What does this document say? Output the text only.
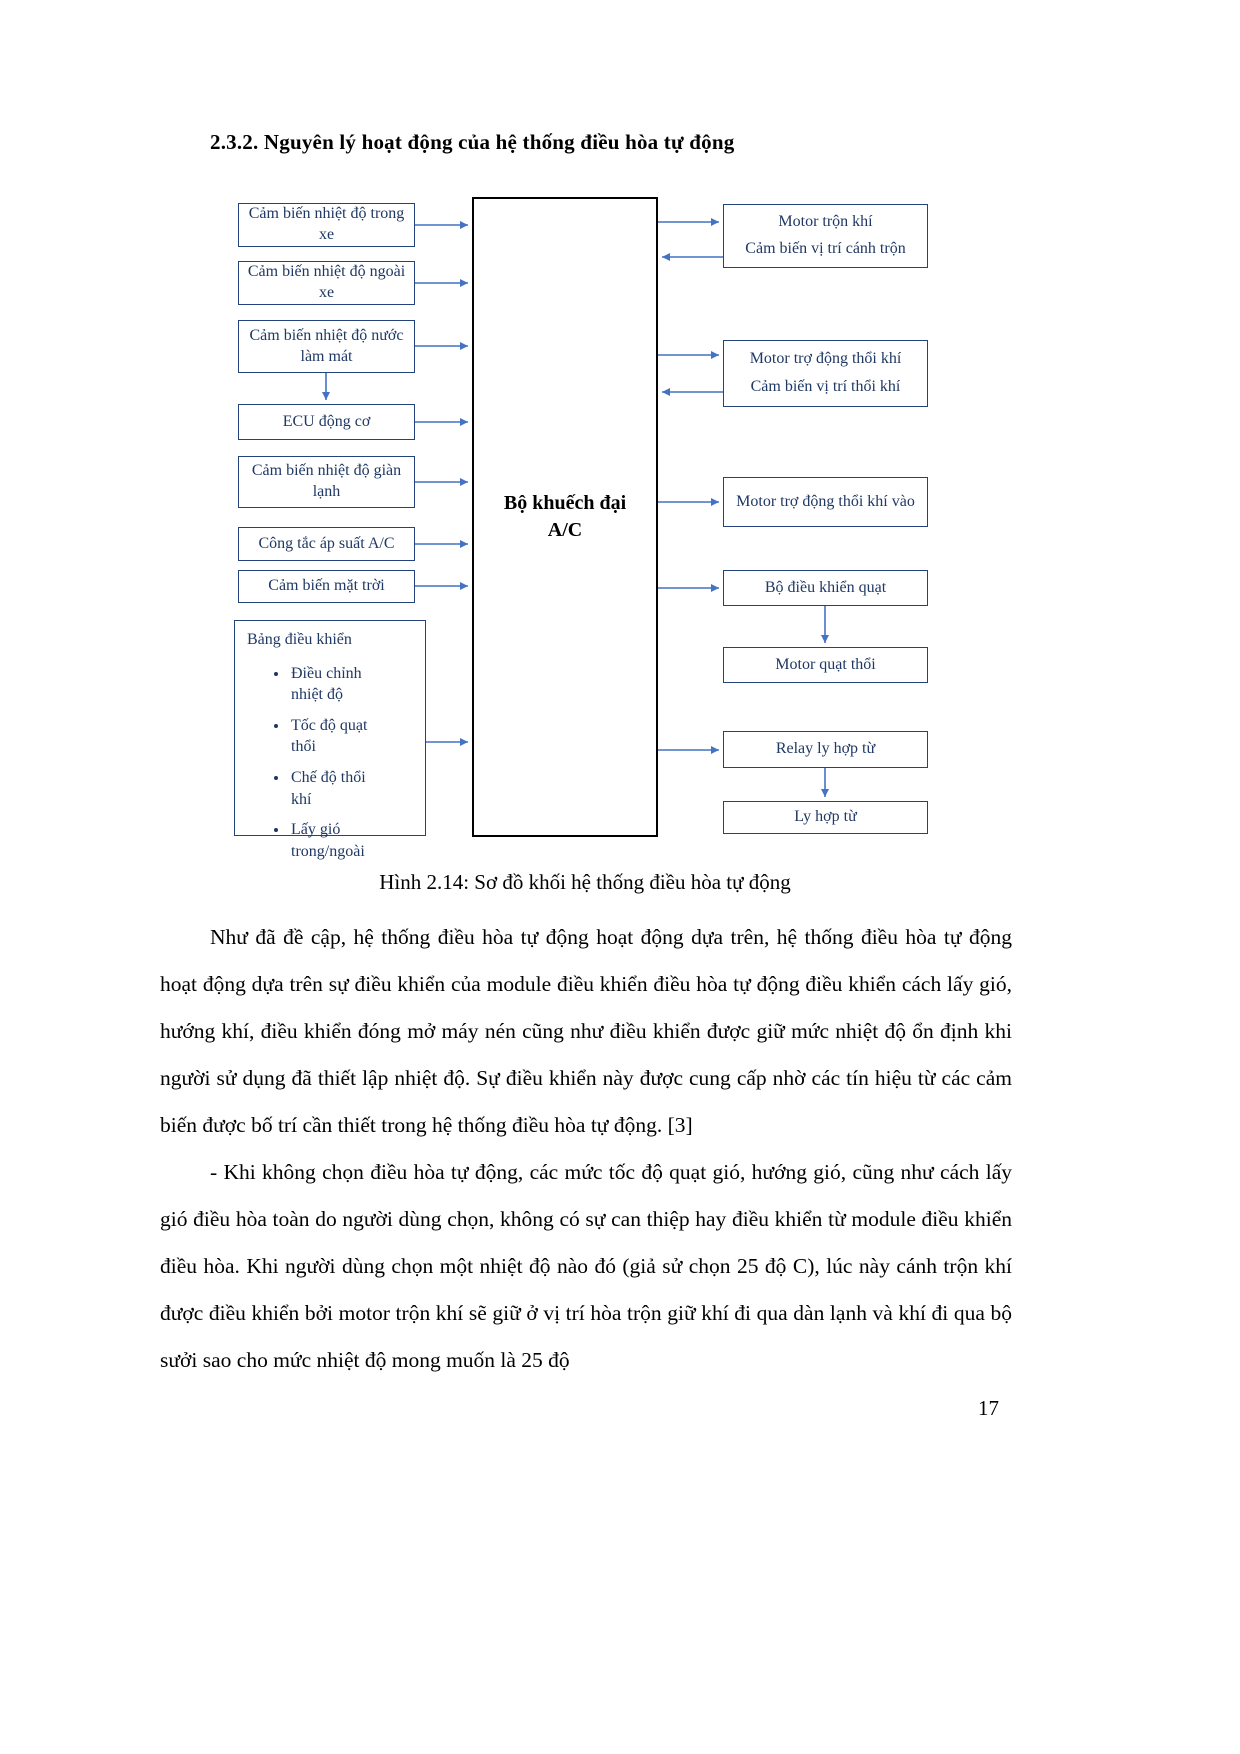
2.3.2. Nguyên lý hoạt động của hệ thống điều hòa tự động
Cảm biến nhiệt độ trong xe
Cảm biến nhiệt độ ngoài xe
Cảm biến nhiệt độ nước làm mát
ECU động cơ
Cảm biến nhiệt độ giàn lạnh
Công tắc áp suất A/C
Cảm biến mặt trời
Bảng điều khiển
• Điều chỉnh nhiệt độ
• Tốc độ quạt thổi
• Chế độ thổi khí
• Lấy gió trong/ngoài
Bộ khuếch đại
A/C
Motor trộn khí
Cảm biến vị trí cánh trộn
Motor trợ động thổi khí
Cảm biến vị trí thổi khí
Motor trợ động thổi khí vào
Bộ điều khiển quạt
Motor quạt thổi
Relay ly hợp từ
Ly hợp từ
Hình 2.14: Sơ đồ khối hệ thống điều hòa tự động

Như đã đề cập, hệ thống điều hòa tự động hoạt động dựa trên, hệ thống điều hòa tự động hoạt động dựa trên sự điều khiển của module điều khiển điều hòa tự động điều khiển cách lấy gió, hướng khí, điều khiển đóng mở máy nén cũng như điều khiển được giữ mức nhiệt độ ổn định khi người sử dụng đã thiết lập nhiệt độ. Sự điều khiển này được cung cấp nhờ các tín hiệu từ các cảm biến được bố trí cần thiết trong hệ thống điều hòa tự động. [3]

- Khi không chọn điều hòa tự động, các mức tốc độ quạt gió, hướng gió, cũng như cách lấy gió điều hòa toàn do người dùng chọn, không có sự can thiệp hay điều khiển từ module điều khiển điều hòa. Khi người dùng chọn một nhiệt độ nào đó (giả sử chọn 25 độ C), lúc này cánh trộn khí được điều khiển bởi motor trộn khí sẽ giữ ở vị trí hòa trộn giữ khí đi qua dàn lạnh và khí đi qua bộ sưởi sao cho mức nhiệt độ mong muốn là 25 độ

17
